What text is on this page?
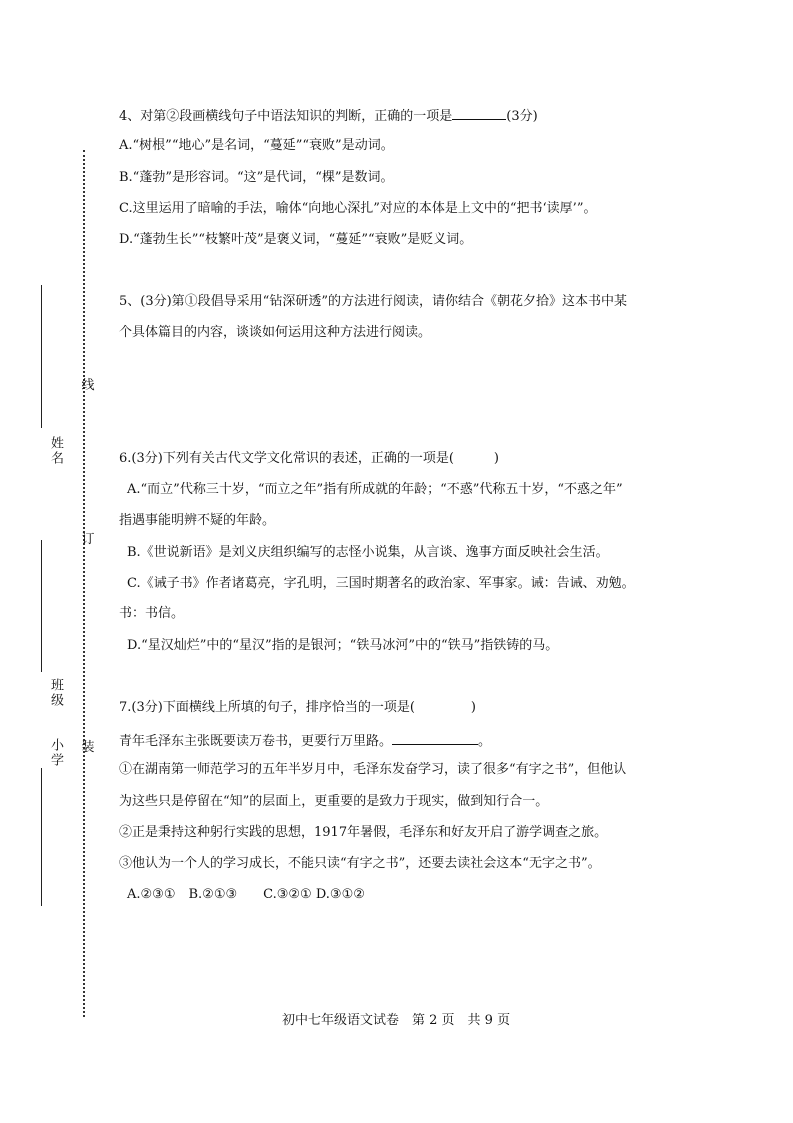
姓名
班级
小学
线
订
装
4、对第②段画横线句子中语法知识的判断，正确的一项是	(3分)
A.“树根”“地心”是名词，“蔓延”“衰败”是动词。
B.“蓬勃”是形容词。“这”是代词，“棵”是数词。
C.这里运用了暗喻的手法，喻体“向地心深扎”对应的本体是上文中的“把书‘读厚’”。
D.“蓬勃生长”“枝繁叶茂”是褒义词，“蔓延”“衰败”是贬义词。
5、(3分)第①段倡导采用“钻深研透”的方法进行阅读，请你结合《朝花夕拾》这本书中某
个具体篇目的内容，谈谈如何运用这种方法进行阅读。
6.(3分)下列有关古代文学文化常识的表述，正确的一项是(	)
A.“而立”代称三十岁，“而立之年”指有所成就的年龄；“不惑”代称五十岁，“不惑之年”
指遇事能明辨不疑的年龄。
B.《世说新语》是刘义庆组织编写的志怪小说集，从言谈、逸事方面反映社会生活。
C.《诫子书》作者诸葛亮，字孔明，三国时期著名的政治家、军事家。诫：告诫、劝勉。
书：书信。
D.“星汉灿烂”中的“星汉”指的是银河；“铁马冰河”中的“铁马”指铁铸的马。
7.(3分)下面横线上所填的句子，排序恰当的一项是(	)
青年毛泽东主张既要读万卷书，更要行万里路。	。
①在湖南第一师范学习的五年半岁月中，毛泽东发奋学习，读了很多“有字之书”，但他认
为这些只是停留在“知”的层面上，更重要的是致力于现实，做到知行合一。
②正是秉持这种躬行实践的思想，1917年暑假，毛泽东和好友开启了游学调查之旅。
③他认为一个人的学习成长，不能只读“有字之书”，还要去读社会这本“无字之书”。
A.②③①　B.②①③　　C.③②① D.③①②
初中七年级语文试卷　第 2 页　共 9 页
